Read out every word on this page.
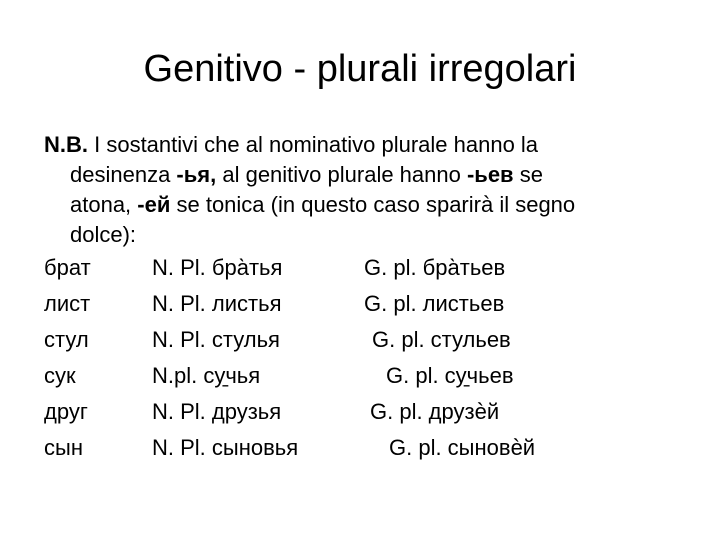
Genitivo - plurali irregolari
N.B. I sostantivi che al nominativo plurale hanno la
desinenza -ья, al genitivo plurale hanno -ьев se
atona, -ей se tonica (in questo caso sparirà il segno
dolce):
брат	N. Pl. бра̀тья	G. pl. бра̀тьев
лист	N. Pl. листья	G. pl. листьев
стул	N. Pl. стулья	G. pl. стульев
сук	N.pl. су̱чья	G. pl. су̱чьев
друг	N. Pl. друзья	G. pl. друзѐй
сын	N. Pl. сыновья	G. pl. сыновѐй
